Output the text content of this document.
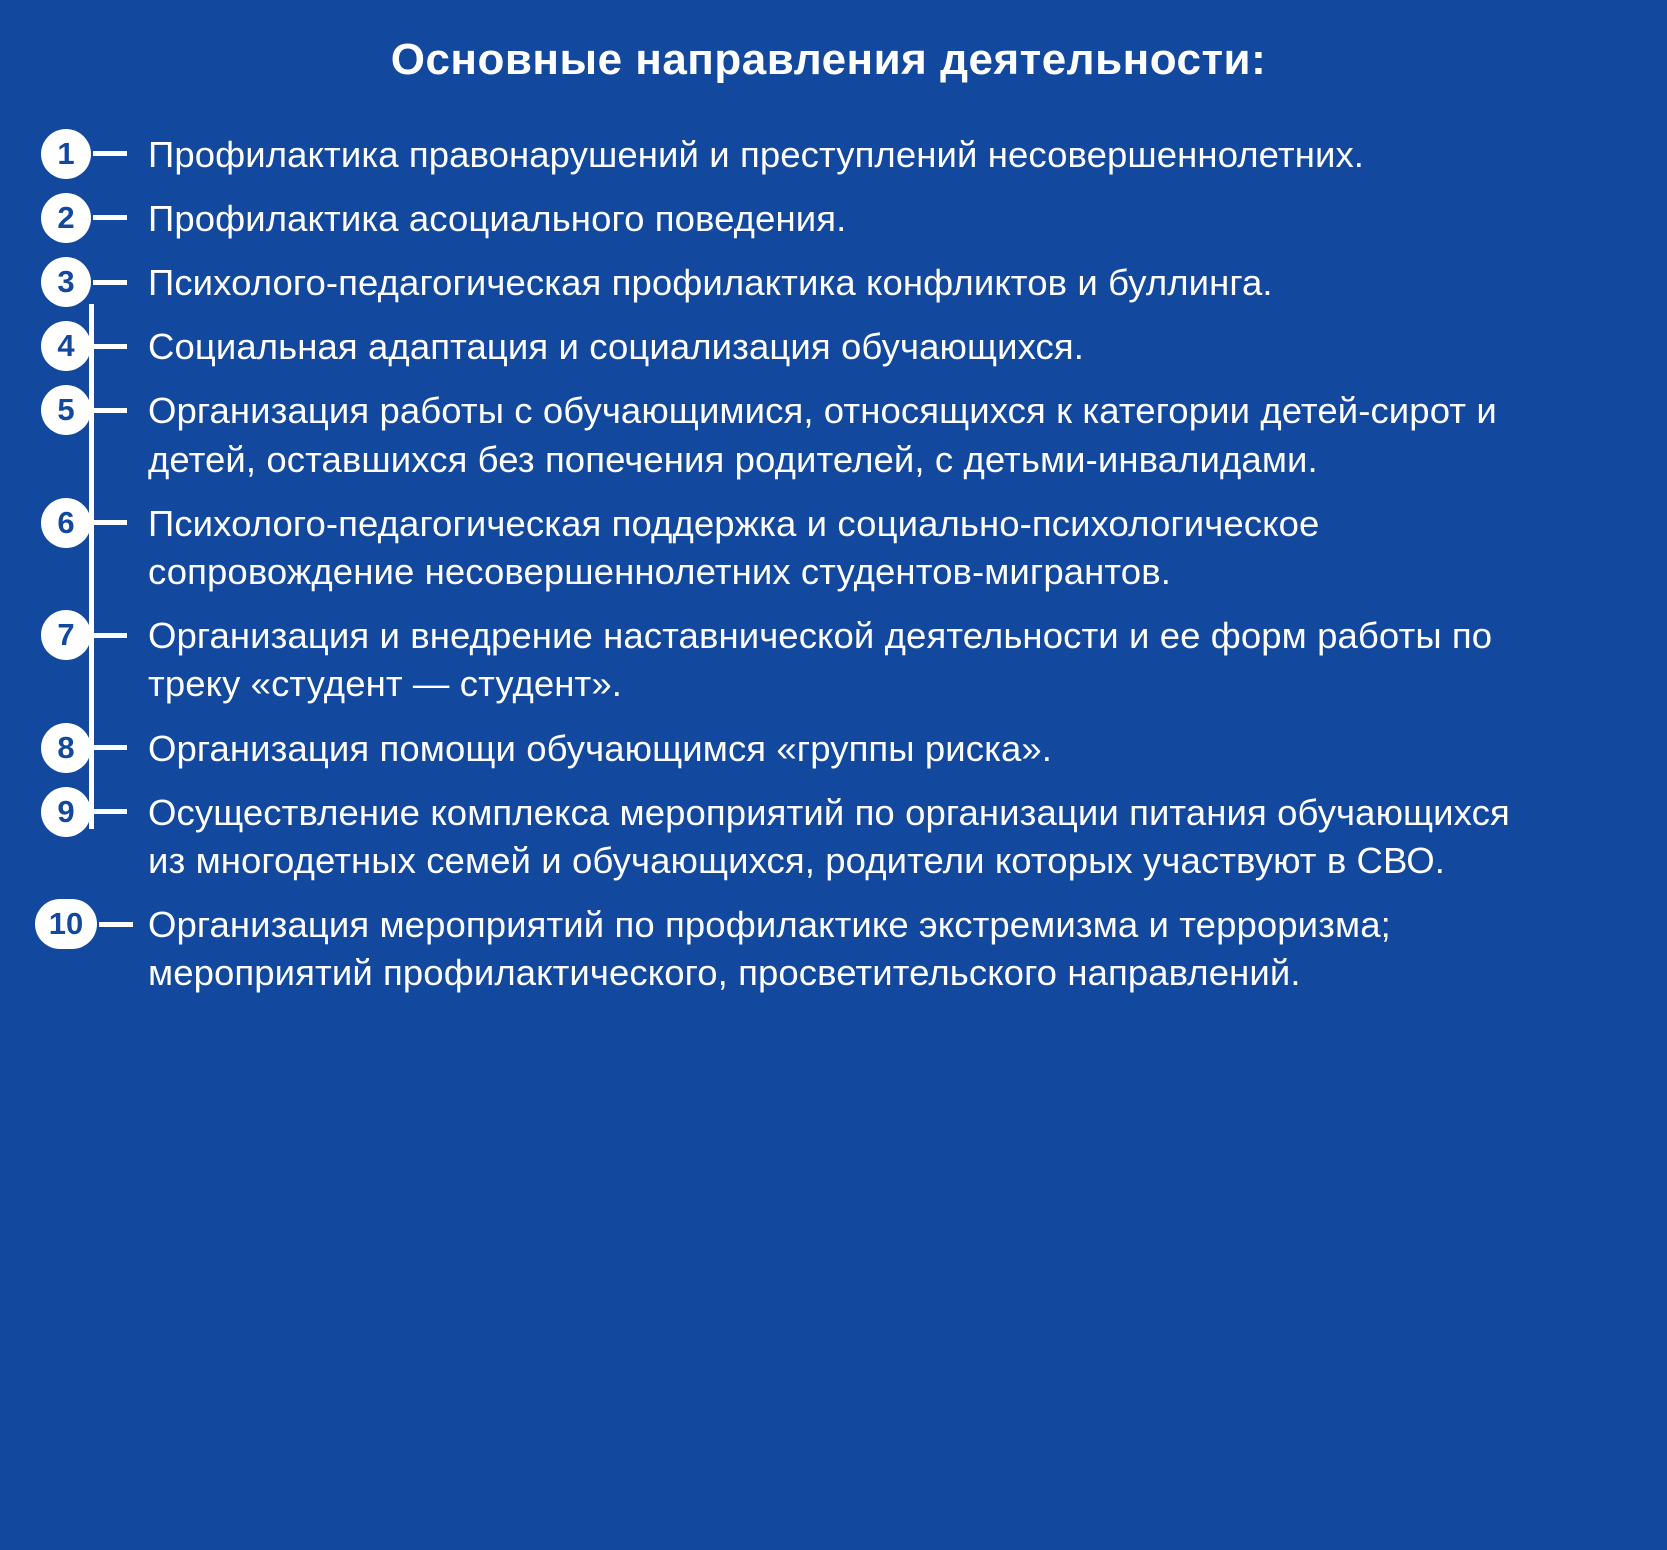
Основные направления деятельности:
1	Профилактика правонарушений и преступлений несовершеннолетних.
2	Профилактика асоциального поведения.
3	Психолого-педагогическая профилактика конфликтов и буллинга.
4	Социальная адаптация и социализация обучающихся.
5	Организация работы с обучающимися, относящихся к категории детей-сирот и детей, оставшихся без попечения родителей, с детьми-инвалидами.
6	Психолого-педагогическая поддержка и социально-психологическое сопровождение несовершеннолетних студентов-мигрантов.
7	Организация и внедрение наставнической деятельности и ее форм работы по треку «студент — студент».
8	Организация помощи обучающимся «группы риска».
9	Осуществление комплекса мероприятий по организации питания обучающихся из многодетных семей и обучающихся, родители которых участвуют в СВО.
10	Организация мероприятий по профилактике экстремизма и терроризма; мероприятий профилактического, просветительского направлений.
